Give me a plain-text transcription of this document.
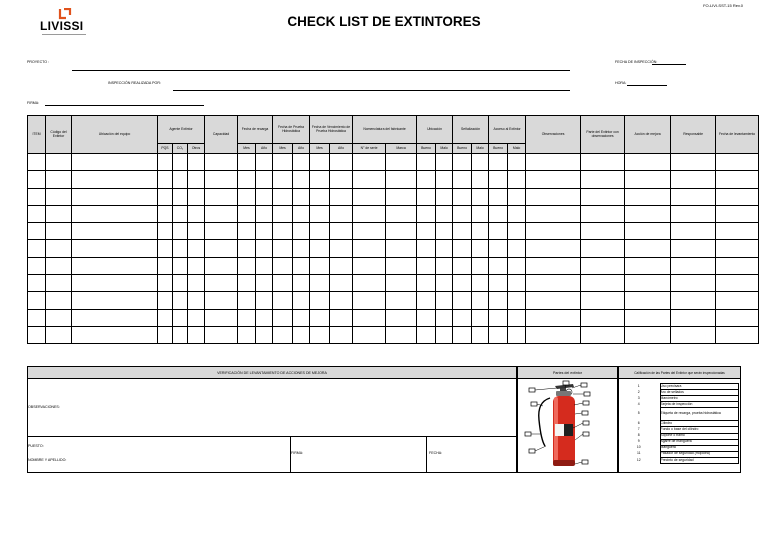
FO-LIVI-SST-15 Rev.0
LIVISSI	CHECK LIST DE EXTINTORES
PROYECTO :	FECHA DE INSPECCIÓN:
INSPECCIÓN REALIZADA POR:	HORA:
FIRMA:
ITEM	Código del Extintor	Ubicación del equipo	Agente Extintor			Capacidad	Fecha de recarga		Fecha de Prueba Hidrostática		Fecha de Vencimiento de Prueba Hidrostática		Nomenclatura del fabricante		Ubicación		Señalización		Acceso al Extintor		Observaciones	Parte del Extintor con observaciones	Acción de mejora	Responsable	Fecha de levantamiento
			PQS	CO₂	Otros		Mes	Año	Mes	Año	Mes	Año	N° de serie	Marca	Bueno	Malo	Bueno	Malo	Bueno	Malo					

VERIFICACIÓN DE LEVANTAMIENTO DE ACCIONES DE MEJORA
OBSERVACIONES:
PUESTO:
NOMBRE Y APELLIDO:
FIRMA:	FECHA:
Partes del extintor	Calificación de las Partes del Extintor que serán inspeccionadas
1	Uso precisara
2	Aro de sellados
3	Manómetro
4	Tarjeta de inspección
5	Etiqueta de recarga, prueba hidrostática
6	Cilindro
7	Fondo o base del cilindro
8	Soporte o tramo
9	Agarre de manguera
10	Manguera
11	Pasador de seguridad (mopolea)
12	Precinto de seguridad
